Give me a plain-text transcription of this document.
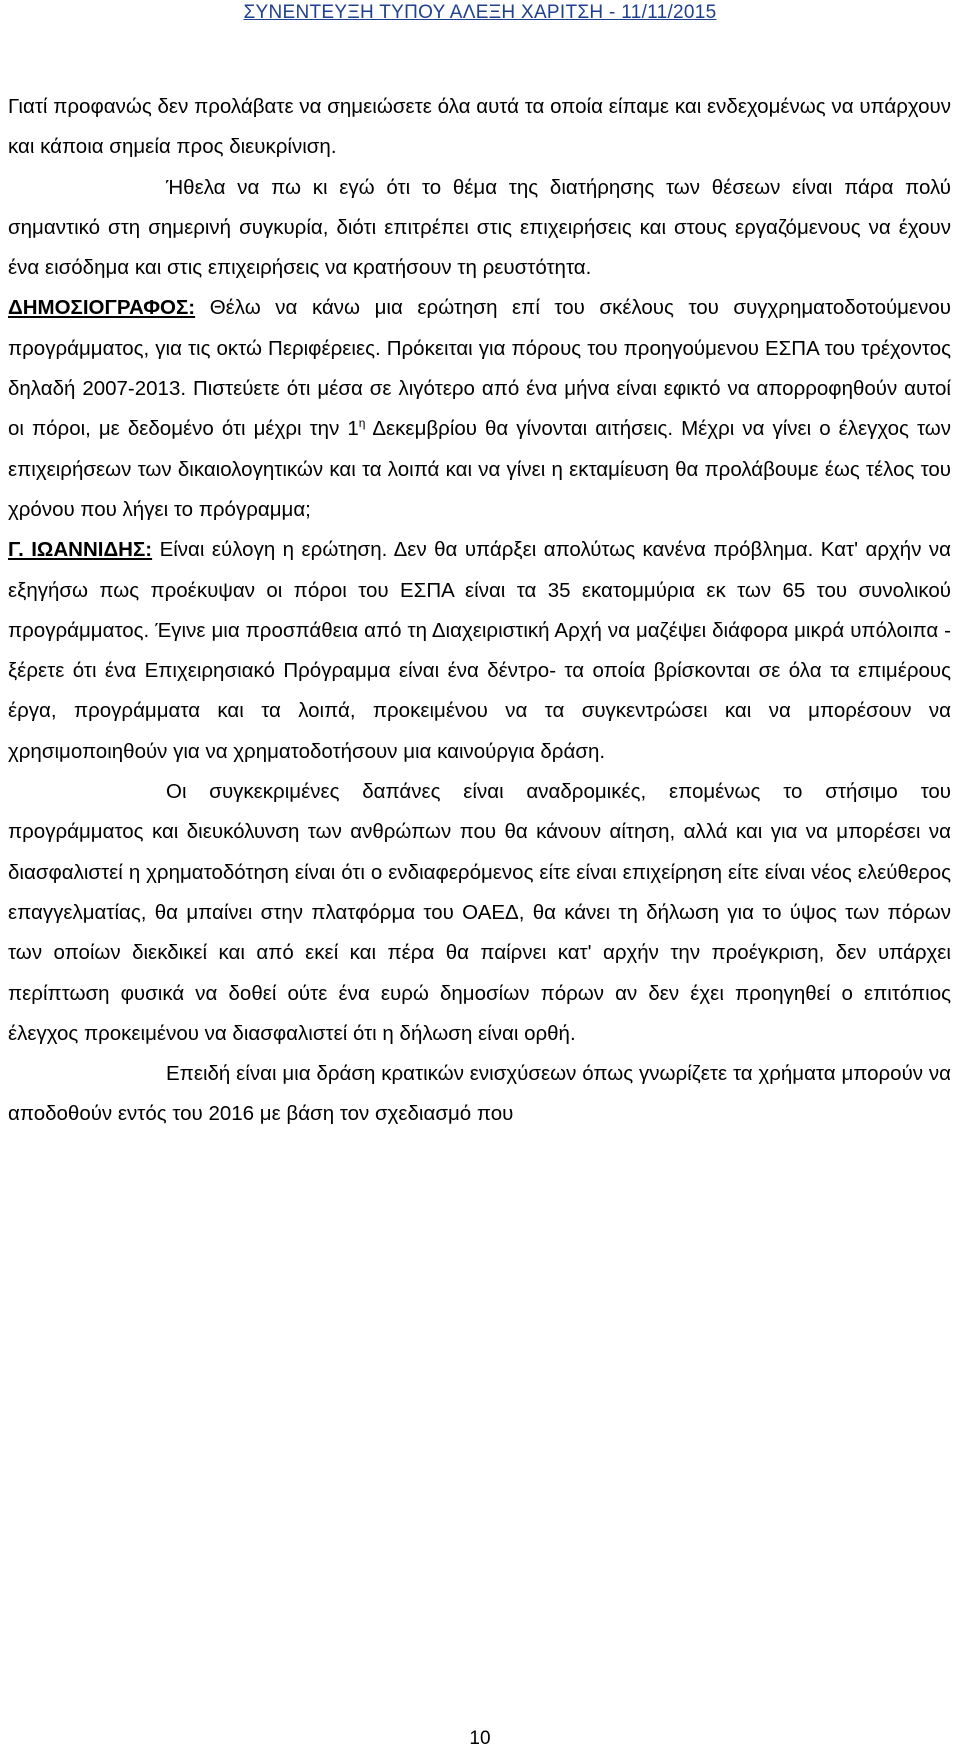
ΣΥΝΕΝΤΕΥΞΗ ΤΥΠΟΥ ΑΛΕΞΗ ΧΑΡΙΤΣΗ - 11/11/2015

Γιατί προφανώς δεν προλάβατε να σημειώσετε όλα αυτά τα οποία είπαμε και ενδεχομένως να υπάρχουν και κάποια σημεία προς διευκρίνιση.

Ήθελα να πω κι εγώ ότι το θέμα της διατήρησης των θέσεων είναι πάρα πολύ σημαντικό στη σημερινή συγκυρία, διότι επιτρέπει στις επιχειρήσεις και στους εργαζόμενους να έχουν ένα εισόδημα και στις επιχειρήσεις να κρατήσουν τη ρευστότητα.

ΔΗΜΟΣΙΟΓΡΑΦΟΣ: Θέλω να κάνω μια ερώτηση επί του σκέλους του συγχρηματοδοτούμενου προγράμματος, για τις οκτώ Περιφέρειες. Πρόκειται για πόρους του προηγούμενου ΕΣΠΑ του τρέχοντος δηλαδή 2007-2013. Πιστεύετε ότι μέσα σε λιγότερο από ένα μήνα είναι εφικτό να απορροφηθούν αυτοί οι πόροι, με δεδομένο ότι μέχρι την $1^\eta$ Δεκεμβρίου θα γίνονται αιτήσεις. Μέχρι να γίνει ο έλεγχος των επιχειρήσεων των δικαιολογητικών και τα λοιπά και να γίνει η εκταμίευση θα προλάβουμε έως τέλος του χρόνου που λήγει το πρόγραμμα;

Γ. ΙΩΑΝΝΙΔΗΣ: Είναι εύλογη η ερώτηση. Δεν θα υπάρξει απολύτως κανένα πρόβλημα. Κατ' αρχήν να εξηγήσω πως προέκυψαν οι πόροι του ΕΣΠΑ είναι τα 35 εκατομμύρια εκ των 65 του συνολικού προγράμματος. Έγινε μια προσπάθεια από τη Διαχειριστική Αρχή να μαζέψει διάφορα μικρά υπόλοιπα - ξέρετε ότι ένα Επιχειρησιακό Πρόγραμμα είναι ένα δέντρο- τα οποία βρίσκονται σε όλα τα επιμέρους έργα, προγράμματα και τα λοιπά, προκειμένου να τα συγκεντρώσει και να μπορέσουν να χρησιμοποιηθούν για να χρηματοδοτήσουν μια καινούργια δράση.

Οι συγκεκριμένες δαπάνες είναι αναδρομικές, επομένως το στήσιμο του προγράμματος και διευκόλυνση των ανθρώπων που θα κάνουν αίτηση, αλλά και για να μπορέσει να διασφαλιστεί η χρηματοδότηση είναι ότι ο ενδιαφερόμενος είτε είναι επιχείρηση είτε είναι νέος ελεύθερος επαγγελματίας, θα μπαίνει στην πλατφόρμα του ΟΑΕΔ, θα κάνει τη δήλωση για το ύψος των πόρων των οποίων διεκδικεί και από εκεί και πέρα θα παίρνει κατ' αρχήν την προέγκριση, δεν υπάρχει περίπτωση φυσικά να δοθεί ούτε ένα ευρώ δημοσίων πόρων αν δεν έχει προηγηθεί ο επιτόπιος έλεγχος προκειμένου να διασφαλιστεί ότι η δήλωση είναι ορθή.

Επειδή είναι μια δράση κρατικών ενισχύσεων όπως γνωρίζετε τα χρήματα μπορούν να αποδοθούν εντός του 2016 με βάση τον σχεδιασμό που

10
